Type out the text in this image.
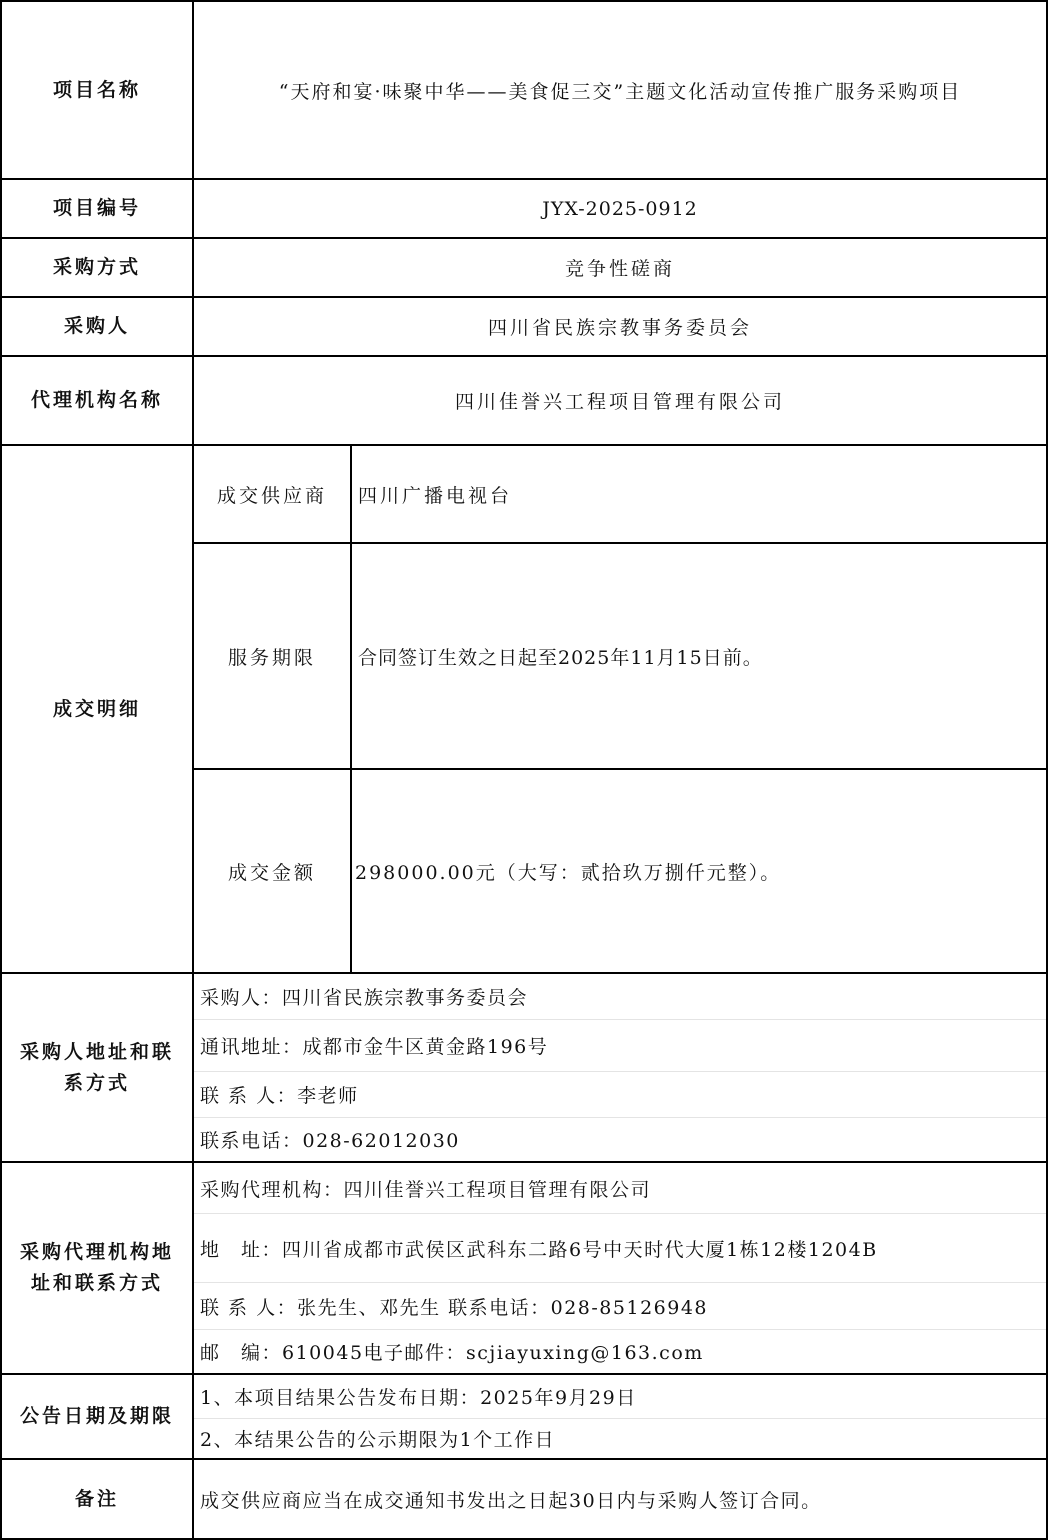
项目名称	“天府和宴·味聚中华——美食促三交”主题文化活动宣传推广服务采购项目
项目编号	JYX-2025-0912
采购方式	竞争性磋商
采购人	四川省民族宗教事务委员会
代理机构名称	四川佳誉兴工程项目管理有限公司
成交明细
成交供应商	四川广播电视台
服务期限	合同签订生效之日起至2025年11月15日前。
成交金额	298000.00元（大写：贰拾玖万捌仟元整）。
采购人地址和联系方式
采购人：四川省民族宗教事务委员会
通讯地址：成都市金牛区黄金路196号
联 系 人：李老师
联系电话：028-62012030
采购代理机构地址和联系方式
采购代理机构：四川佳誉兴工程项目管理有限公司
地　址：四川省成都市武侯区武科东二路6号中天时代大厦1栋12楼1204B
联 系 人：张先生、邓先生 联系电话：028-85126948
邮　编：610045电子邮件：scjiayuxing@163.com
公告日期及期限
1、本项目结果公告发布日期：2025年9月29日
2、本结果公告的公示期限为1个工作日
备注	成交供应商应当在成交通知书发出之日起30日内与采购人签订合同。
